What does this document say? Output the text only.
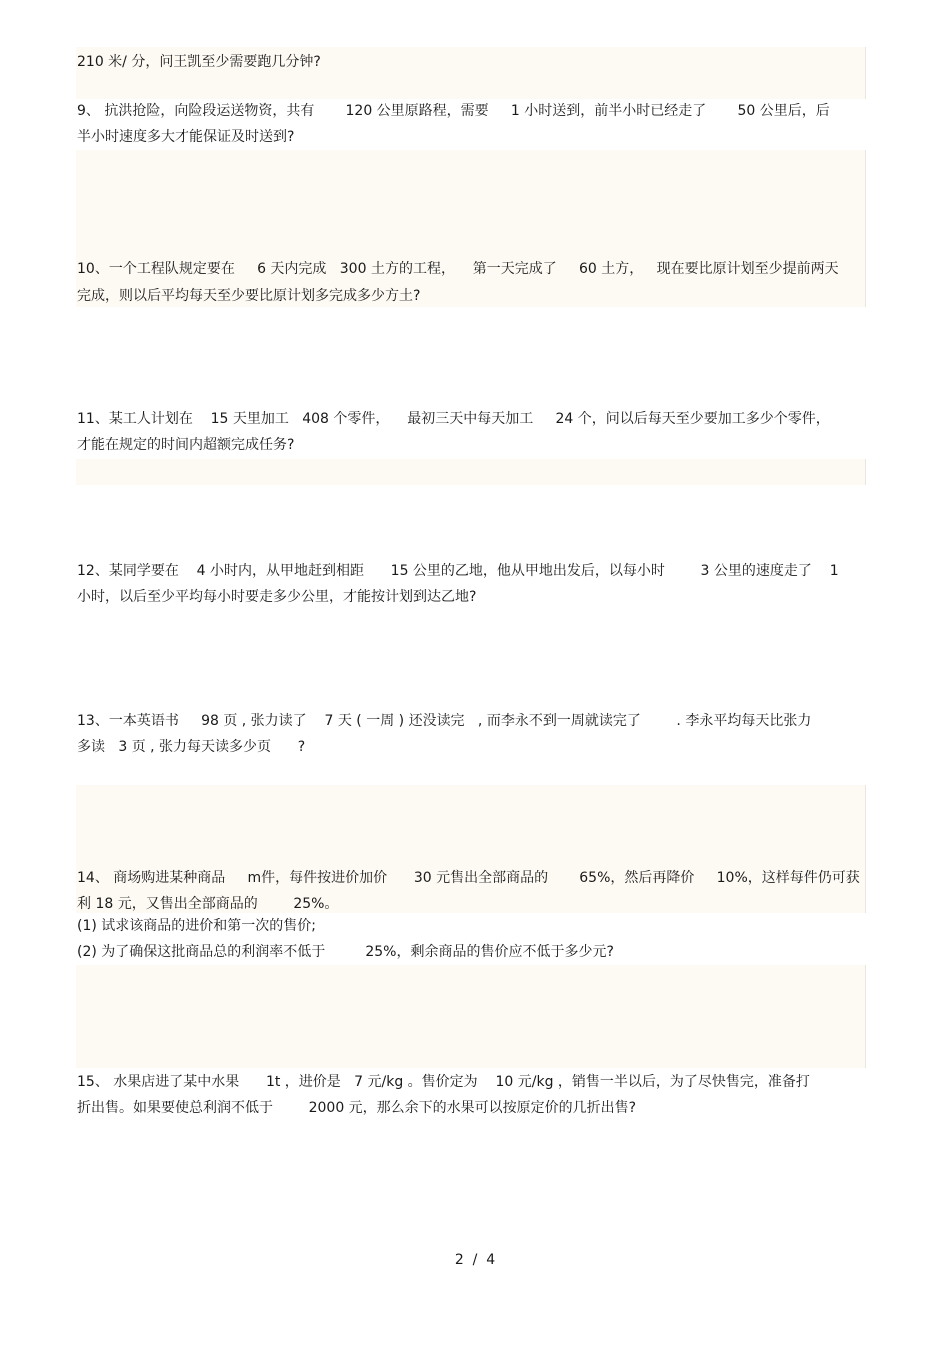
210 米/ 分，问王凯至少需要跑几分钟?
9、 抗洪抢险，向险段运送物资，共有       120 公里原路程，需要     1 小时送到，前半小时已经走了       50 公里后，后
半小时速度多大才能保证及时送到?
10、一个工程队规定要在     6 天内完成   300 土方的工程，    第一天完成了     60 土方，   现在要比原计划至少提前两天
完成，则以后平均每天至少要比原计划多完成多少方土?
11、某工人计划在    15 天里加工   408 个零件，    最初三天中每天加工     24 个，问以后每天至少要加工多少个零件，
才能在规定的时间内超额完成任务?
12、某同学要在    4 小时内，从甲地赶到相距      15 公里的乙地，他从甲地出发后，以每小时        3 公里的速度走了    1
小时，以后至少平均每小时要走多少公里，才能按计划到达乙地?
13、一本英语书     98 页 , 张力读了    7 天 ( 一周 ) 还没读完   , 而李永不到一周就读完了        . 李永平均每天比张力
多读   3 页 , 张力每天读多少页      ?
14、 商场购进某种商品     m件，每件按进价加价      30 元售出全部商品的       65%，然后再降价     10%，这样每件仍可获
利 18 元，又售出全部商品的        25%。
(1) 试求该商品的进价和第一次的售价;
(2) 为了确保这批商品总的利润率不低于         25%，剩余商品的售价应不低于多少元?
15、 水果店进了某中水果      1t ，进价是   7 元/kg 。售价定为    10 元/kg ，销售一半以后，为了尽快售完，准备打
折出售。如果要使总利润不低于        2000 元，那么余下的水果可以按原定价的几折出售?
2  /  4
